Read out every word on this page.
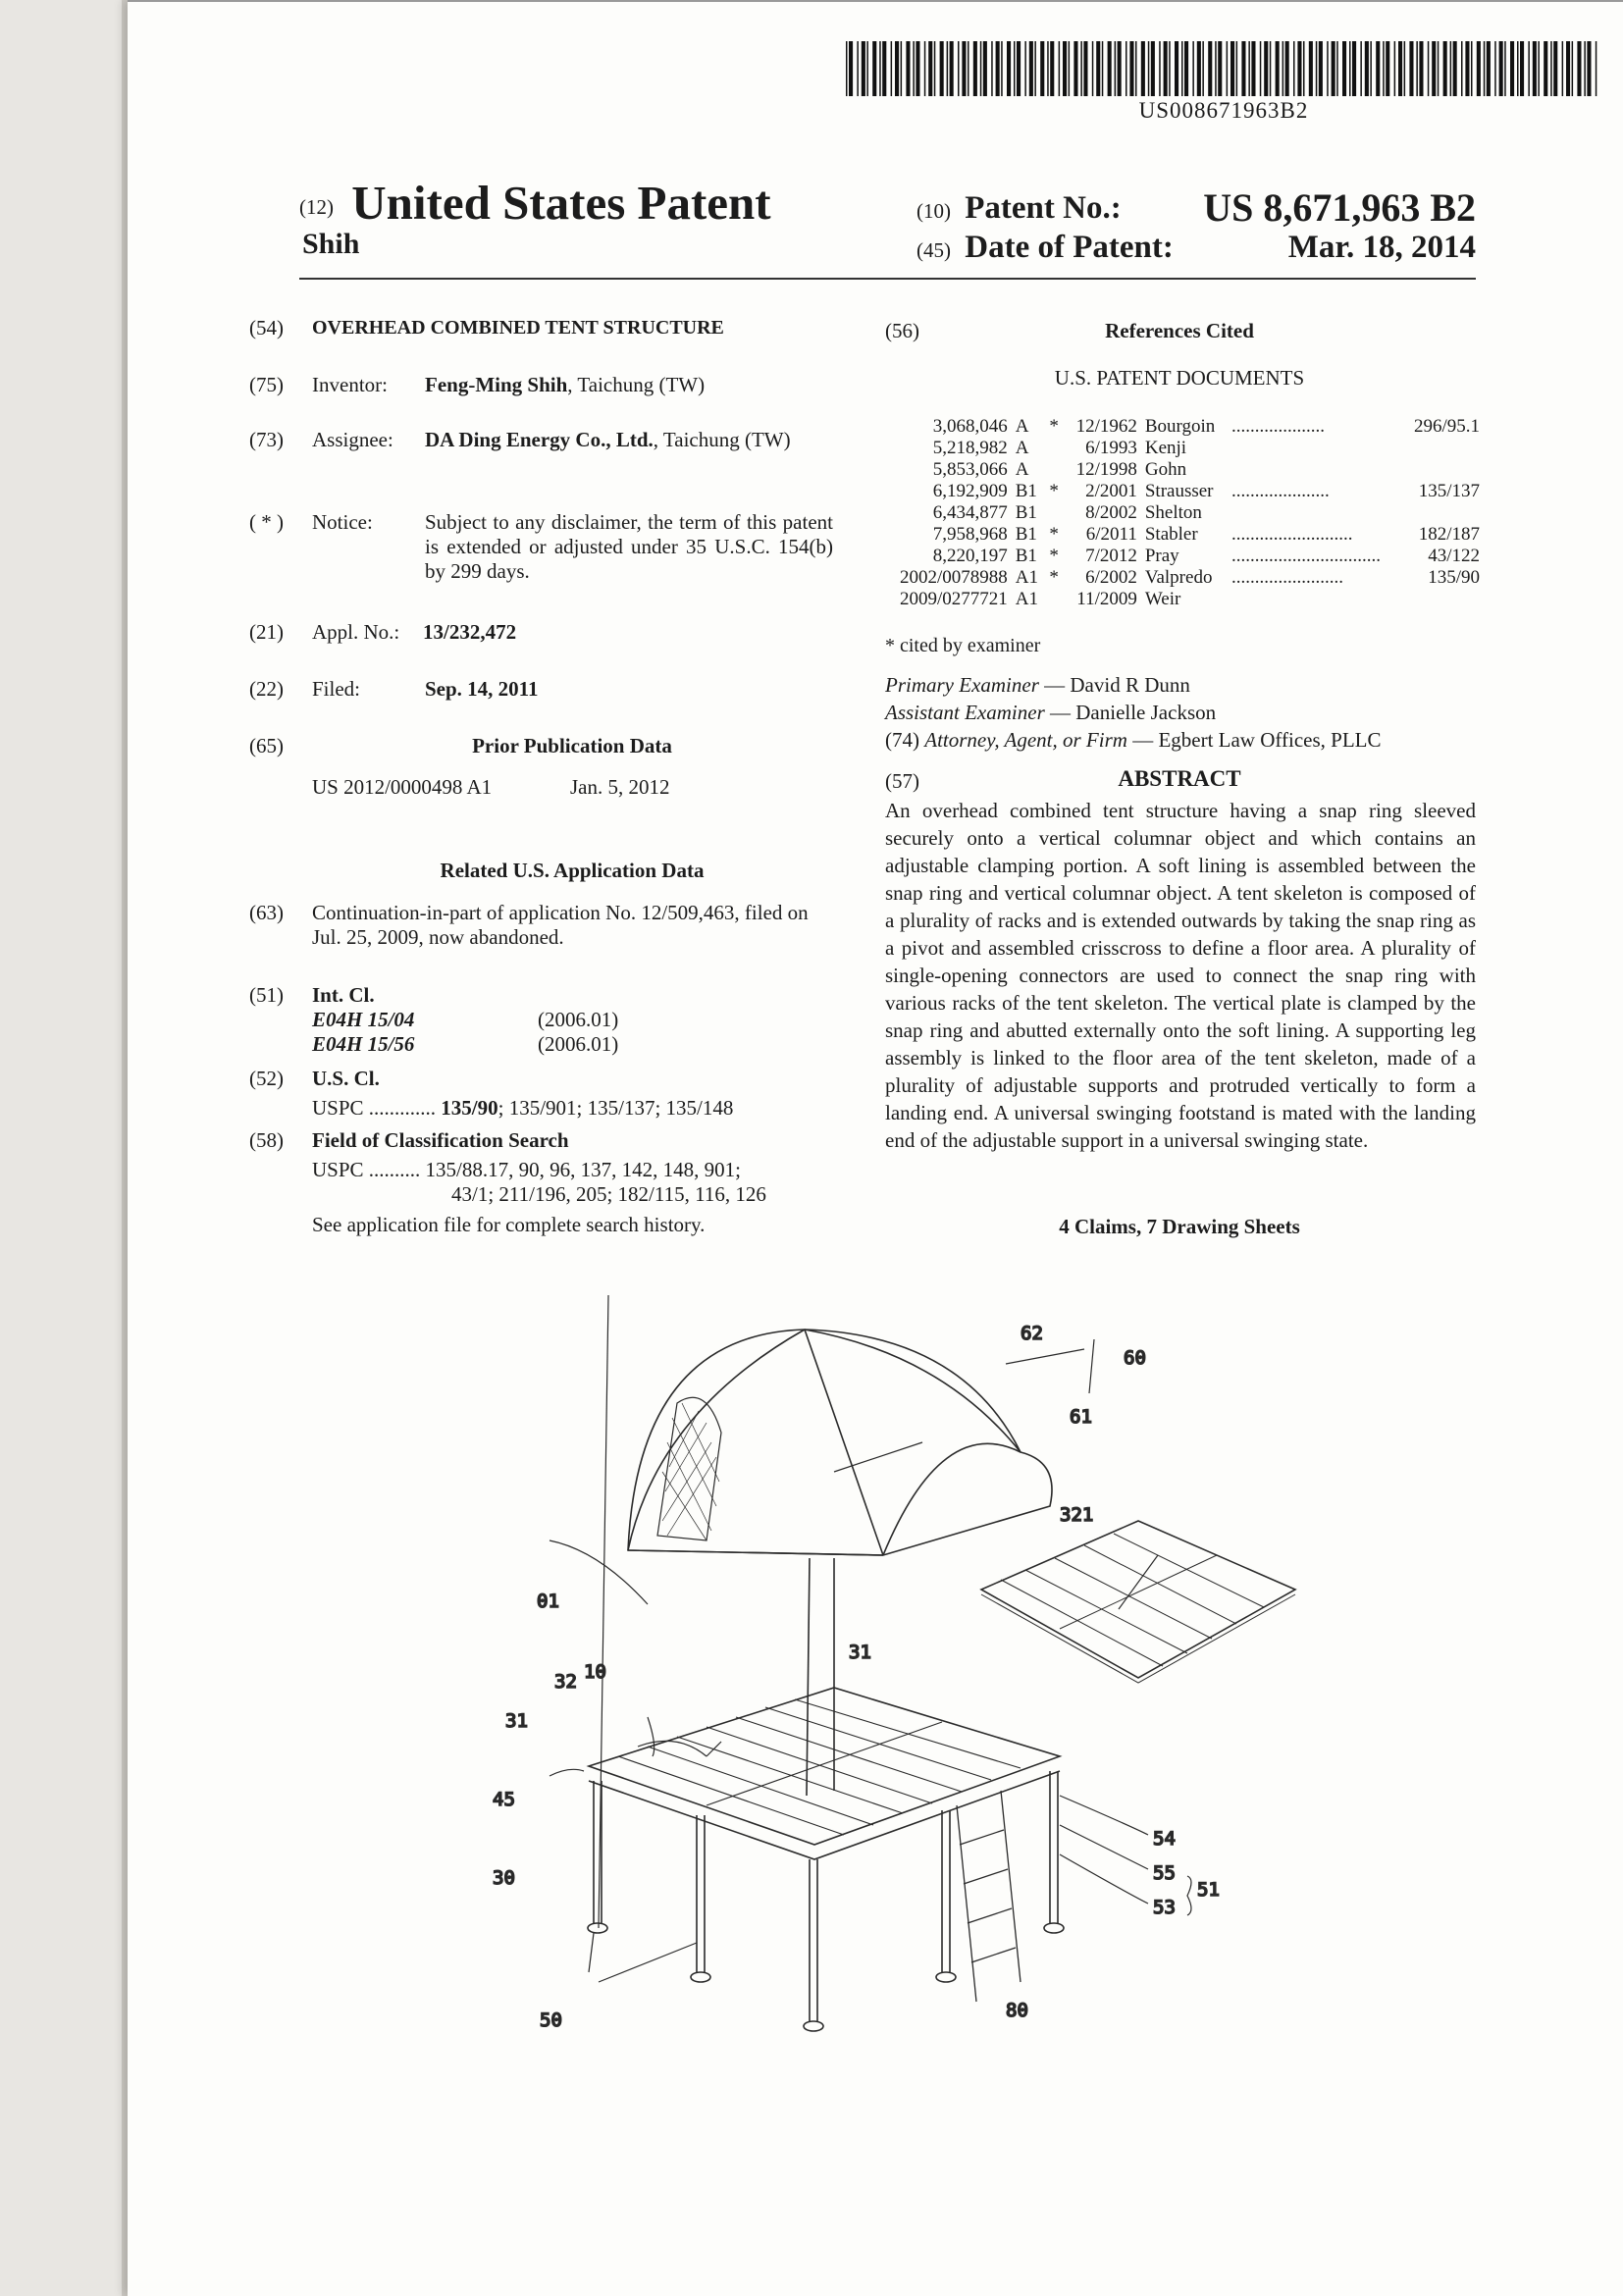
US008671963B2
(12) United States Patent
Shih
(10) Patent No.:
(45) Date of Patent:
US 8,671,963 B2
Mar. 18, 2014
(54) OVERHEAD COMBINED TENT STRUCTURE
(75) Inventor: Feng-Ming Shih, Taichung (TW)
(73) Assignee: DA Ding Energy Co., Ltd., Taichung (TW)
( * ) Notice:	Subject to any disclaimer, the term of this patent is extended or adjusted under 35 U.S.C. 154(b) by 299 days.
(21) Appl. No.: 13/232,472
(22) Filed:	Sep. 14, 2011
(65)	Prior Publication Data
US 2012/0000498 A1	Jan. 5, 2012
Related U.S. Application Data
(63) Continuation-in-part of application No. 12/509,463, filed on Jul. 25, 2009, now abandoned.
(51) Int. Cl.
E04H 15/04	(2006.01)
E04H 15/56	(2006.01)
(52) U.S. Cl.
USPC ............. 135/90; 135/901; 135/137; 135/148
(58) Field of Classification Search
USPC .......... 135/88.17, 90, 96, 137, 142, 148, 901;
43/1; 211/196, 205; 182/115, 116, 126
See application file for complete search history.
(56)	References Cited
U.S. PATENT DOCUMENTS
3,068,046	A	*	12/1962	Bourgoin	....................	296/95.1
5,218,982	A		6/1993	Kenji		
5,853,066	A		12/1998	Gohn		
6,192,909	B1	*	2/2001	Strausser	.....................	135/137
6,434,877	B1		8/2002	Shelton		
7,958,968	B1	*	6/2011	Stabler	..........................	182/187
8,220,197	B1	*	7/2012	Pray	................................	43/122
2002/0078988	A1	*	6/2002	Valpredo	........................	135/90
2009/0277721	A1		11/2009	Weir		
* cited by examiner
Primary Examiner — David R Dunn
Assistant Examiner — Danielle Jackson
(74) Attorney, Agent, or Firm — Egbert Law Offices, PLLC
(57)	ABSTRACT
An overhead combined tent structure having a snap ring sleeved securely onto a vertical columnar object and which contains an adjustable clamping portion. A soft lining is assembled between the snap ring and vertical columnar object. A tent skeleton is composed of a plurality of racks and is extended outwards by taking the snap ring as a pivot and assembled crisscross to define a floor area. A plurality of single-opening connectors are used to connect the snap ring with various racks of the tent skeleton. The vertical plate is clamped by the snap ring and abutted externally onto the soft lining. A supporting leg assembly is linked to the floor area of the tent skeleton, made of a plurality of adjustable supports and protruded vertically to form a landing end. A universal swinging footstand is mated with the landing end of the adjustable support in a universal swinging state.
4 Claims, 7 Drawing Sheets
62
60
61
321
01
31
32 10
31
45
30
54
55
53
51
80
50
